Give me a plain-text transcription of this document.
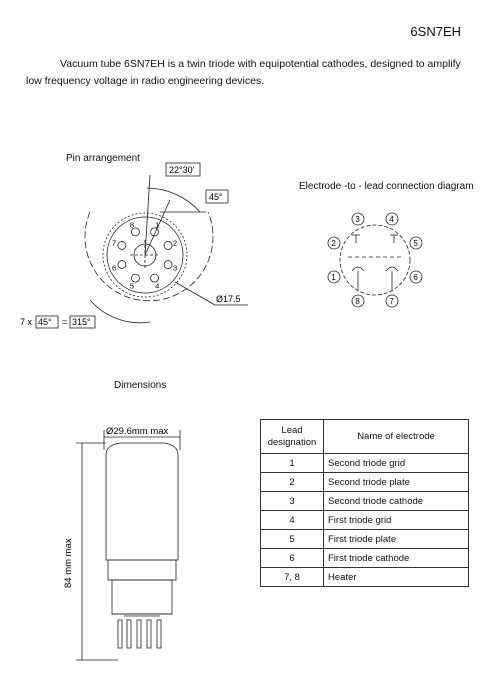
6SN7EH
Vacuum tube 6SN7EH is a twin triode with equipotential cathodes, designed to amplify low frequency voltage in radio engineering devices.
Pin arrangement
1
2
3
4
5
6
7
8
22°30'
45°
Ø17.5
7 x 45° = 315°
Electrode -to - lead connection diagram
1
2
3	4
5
6
7
8
Dimensions
Ø29.6mm max
84 mm max
Lead designation	Name of electrode
1	Second triode grid
2	Second triode plate
3	Second triode cathode
4	First triode grid
5	First triode plate
6	First triode cathode
7, 8	Heater
